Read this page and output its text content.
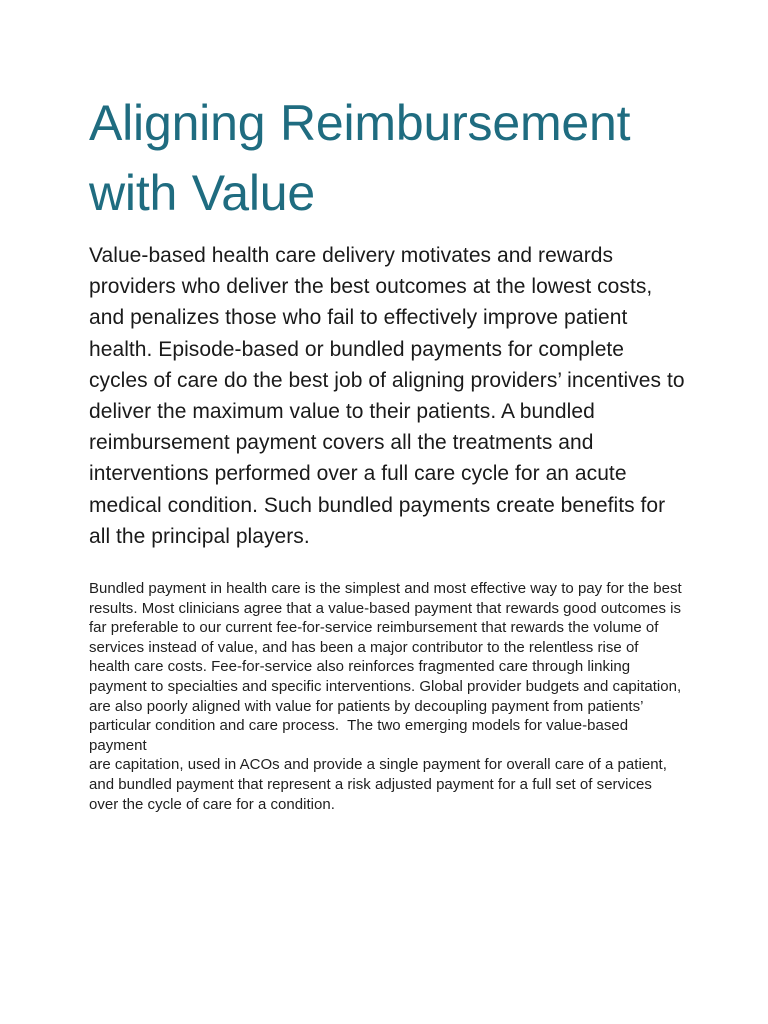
Aligning Reimbursement with Value

Value-based health care delivery motivates and rewards providers who deliver the best outcomes at the lowest costs, and penalizes those who fail to effectively improve patient health. Episode-based or bundled payments for complete cycles of care do the best job of aligning providers’ incentives to deliver the maximum value to their patients. A bundled reimbursement payment covers all the treatments and interventions performed over a full care cycle for an acute medical condition. Such bundled payments create benefits for all the principal players.

Bundled payment in health care is the simplest and most effective way to pay for the best results. Most clinicians agree that a value-based payment that rewards good outcomes is far preferable to our current fee-for-service reimbursement that rewards the volume of services instead of value, and has been a major contributor to the relentless rise of health care costs. Fee-for-service also reinforces fragmented care through linking payment to specialties and specific interventions. Global provider budgets and capitation, are also poorly aligned with value for patients by decoupling payment from patients’ particular condition and care process.  The two emerging models for value-based payment
are capitation, used in ACOs and provide a single payment for overall care of a patient, and bundled payment that represent a risk adjusted payment for a full set of services over the cycle of care for a condition.
